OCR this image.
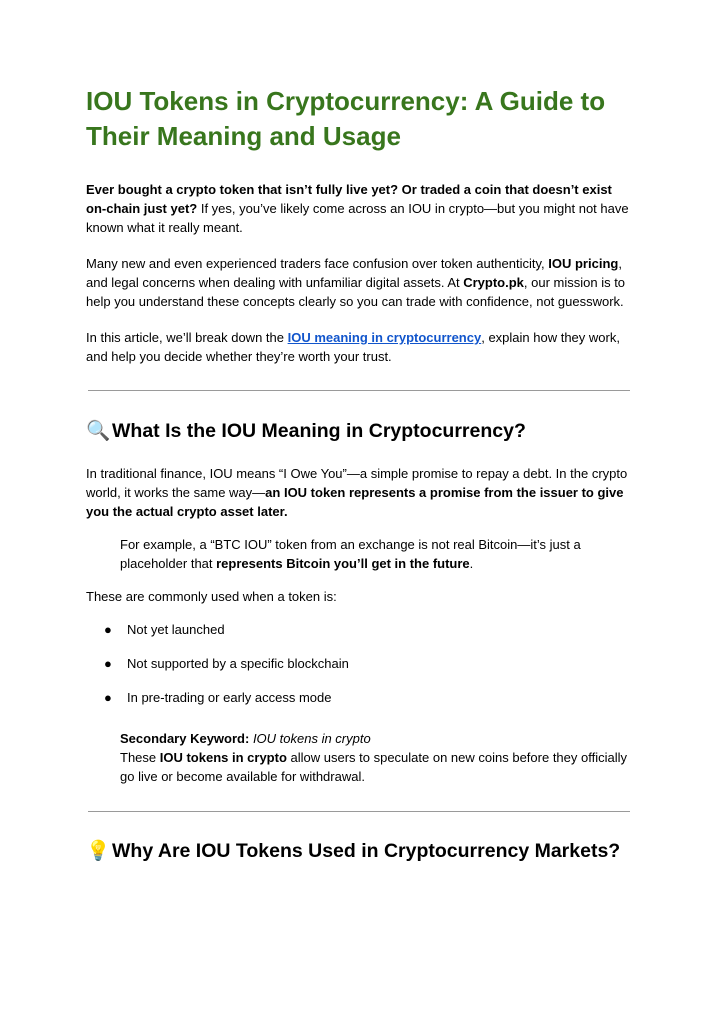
IOU Tokens in Cryptocurrency: A Guide to Their Meaning and Usage

Ever bought a crypto token that isn’t fully live yet? Or traded a coin that doesn’t exist on-chain just yet? If yes, you’ve likely come across an IOU in crypto—but you might not have known what it really meant.

Many new and even experienced traders face confusion over token authenticity, IOU pricing, and legal concerns when dealing with unfamiliar digital assets. At Crypto.pk, our mission is to help you understand these concepts clearly so you can trade with confidence, not guesswork.

In this article, we’ll break down the IOU meaning in cryptocurrency, explain how they work, and help you decide whether they’re worth your trust.

🔍What Is the IOU Meaning in Cryptocurrency?

In traditional finance, IOU means “I Owe You”—a simple promise to repay a debt. In the crypto world, it works the same way—an IOU token represents a promise from the issuer to give you the actual crypto asset later.

For example, a “BTC IOU” token from an exchange is not real Bitcoin—it’s just a placeholder that represents Bitcoin you’ll get in the future.

These are commonly used when a token is:

● Not yet launched
● Not supported by a specific blockchain
● In pre-trading or early access mode

Secondary Keyword: IOU tokens in crypto

These IOU tokens in crypto allow users to speculate on new coins before they officially go live or become available for withdrawal.

💡Why Are IOU Tokens Used in Cryptocurrency Markets?
